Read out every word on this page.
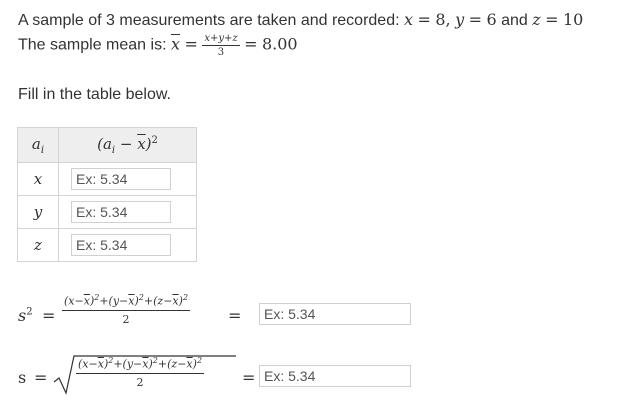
A sample of 3 measurements are taken and recorded: x = 8, y = 6 and z = 10
The sample mean is: $\overline{x} = \frac{x+y+z}{3} = 8.00$
Fill in the table below.
$a_i$	$(a_i - \overline{x})^2$
x	Ex: 5.34
y	Ex: 5.34
z	Ex: 5.34
$s^2 = \frac{(x-\overline{x})^2+(y-\overline{x})^2+(z-\overline{x})^2}{2}$ =
Ex: 5.34
s =	$\frac{(x-\overline{x})^2+(y-\overline{x})^2+(z-\overline{x})^2}{2}$ =
Ex: 5.34
